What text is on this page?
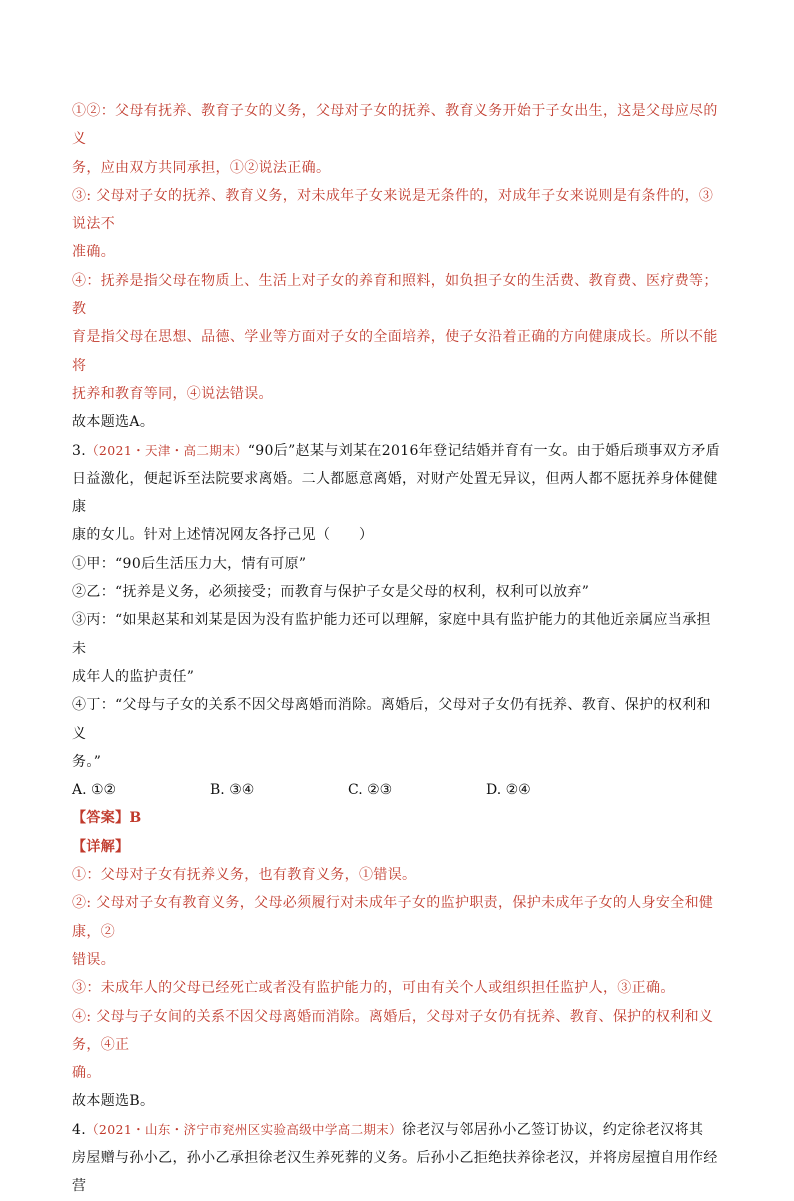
①②：父母有抚养、教育子女的义务，父母对子女的抚养、教育义务开始于子女出生，这是父母应尽的义

务，应由双方共同承担，①②说法正确。

③: 父母对子女的抚养、教育义务，对未成年子女来说是无条件的，对成年子女来说则是有条件的，③说法不

准确。

④：抚养是指父母在物质上、生活上对子女的养育和照料，如负担子女的生活费、教育费、医疗费等；教

育是指父母在思想、品德、学业等方面对子女的全面培养，使子女沿着正确的方向健康成长。所以不能将

抚养和教育等同，④说法错误。

故本题选A。

3.（2021・天津・高二期末）“90后”赵某与刘某在2016年登记结婚并育有一女。由于婚后琐事双方矛盾

日益激化，便起诉至法院要求离婚。二人都愿意离婚，对财产处置无异议，但两人都不愿抚养身体健健康

康的女儿。针对上述情况网友各抒己见（　　）

①甲：“90后生活压力大，情有可原”

②乙：“抚养是义务，必须接受；而教育与保护子女是父母的权利，权利可以放弃”

③丙：“如果赵某和刘某是因为没有监护能力还可以理解，家庭中具有监护能力的其他近亲属应当承担未

成年人的监护责任”

④丁：“父母与子女的关系不因父母离婚而消除。离婚后，父母对子女仍有抚养、教育、保护的权利和义

务。”

A. ①②	B. ③④	C. ②③	D. ②④

【答案】B

【详解】

①：父母对子女有抚养义务，也有教育义务，①错误。

②: 父母对子女有教育义务，父母必须履行对未成年子女的监护职责，保护未成年子女的人身安全和健康，②

错误。

③：未成年人的父母已经死亡或者没有监护能力的，可由有关个人或组织担任监护人，③正确。

④: 父母与子女间的关系不因父母离婚而消除。离婚后，父母对子女仍有抚养、教育、保护的权利和义务，④正

确。

故本题选B。

4.（2021・山东・济宁市兖州区实验高级中学高二期末）徐老汉与邻居孙小乙签订协议，约定徐老汉将其

房屋赠与孙小乙，孙小乙承担徐老汉生养死葬的义务。后孙小乙拒绝扶养徐老汉，并将房屋擅自用作经营
